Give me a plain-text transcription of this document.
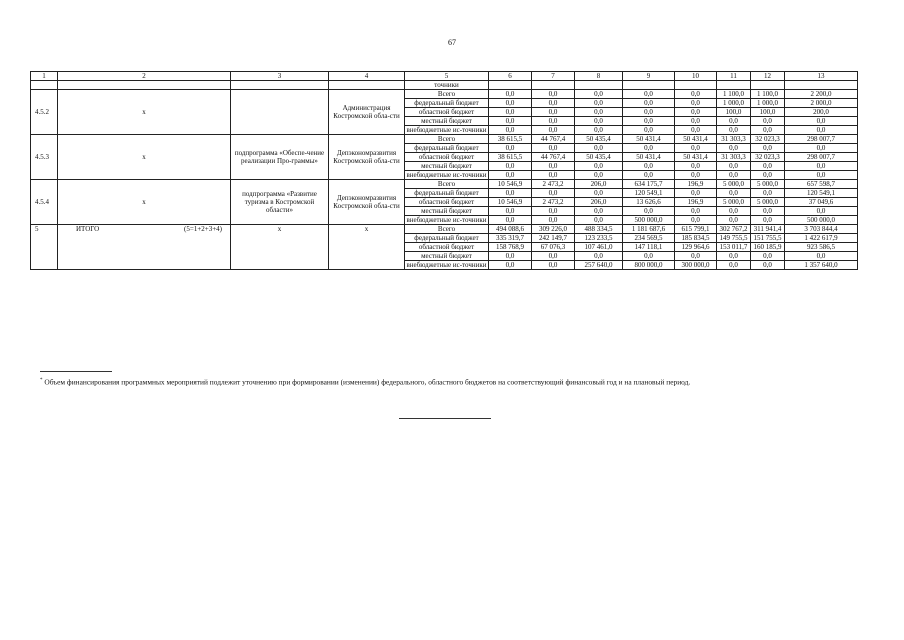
67
1	2	3	4	5	6	7	8	9	10	11	12	13
				точники								
4.5.2	х		Администрация Костромской обла-сти	Всего	0,0	0,0	0,0	0,0	0,0	1 100,0	1 100,0	2 200,0
				федеральный бюджет	0,0	0,0	0,0	0,0	0,0	1 000,0	1 000,0	2 000,0
				областной бюджет	0,0	0,0	0,0	0,0	0,0	100,0	100,0	200,0
				местный бюджет	0,0	0,0	0,0	0,0	0,0	0,0	0,0	0,0
				внебюджетные ис-точники	0,0	0,0	0,0	0,0	0,0	0,0	0,0	0,0
4.5.3	х	подпрограмма «Обеспе-чение реализации Про-граммы»	Депэкономразвития Костромской обла-сти	Всего	38 615,5	44 767,4	50 435,4	50 431,4	50 431,4	31 303,3	32 023,3	298 007,7
				федеральный бюджет	0,0	0,0	0,0	0,0	0,0	0,0	0,0	0,0
				областной бюджет	38 615,5	44 767,4	50 435,4	50 431,4	50 431,4	31 303,3	32 023,3	298 007,7
				местный бюджет	0,0	0,0	0,0	0,0	0,0	0,0	0,0	0,0
				внебюджетные ис-точники	0,0	0,0	0,0	0,0	0,0	0,0	0,0	0,0
4.5.4	х	подпрограмма «Развитие туризма в Костромской области»	Депэкономразвития Костромской обла-сти	Всего	10 546,9	2 473,2	206,0	634 175,7	196,9	5 000,0	5 000,0	657 598,7
				федеральный бюджет	0,0	0,0	0,0	120 549,1	0,0	0,0	0,0	120 549,1
				областной бюджет	10 546,9	2 473,2	206,0	13 626,6	196,9	5 000,0	5 000,0	37 049,6
				местный бюджет	0,0	0,0	0,0	0,0	0,0	0,0	0,0	0,0
				внебюджетные ис-точники	0,0	0,0	0,0	500 000,0	0,0	0,0	0,0	500 000,0
5	ИТОГО (5=1+2+3+4)	х	х	Всего	494 088,6	309 226,0	488 334,5	1 181 687,6	615 799,1	302 767,2	311 941,4	3 703 844,4
				федеральный бюджет	335 319,7	242 149,7	123 233,5	234 569,5	185 834,5	149 755,5	151 755,5	1 422 617,9
				областной бюджет	158 768,9	67 076,3	107 461,0	147 118,1	129 964,6	153 011,7	160 185,9	923 586,5
				местный бюджет	0,0	0,0	0,0	0,0	0,0	0,0	0,0	0,0
				внебюджетные ис-точники	0,0	0,0	257 640,0	800 000,0	300 000,0	0,0	0,0	1 357 640,0
* Объем финансирования программных мероприятий подлежит уточнению при формировании (изменении) федерального, областного бюджетов на соответствующий финансовый год и на плановый период.
